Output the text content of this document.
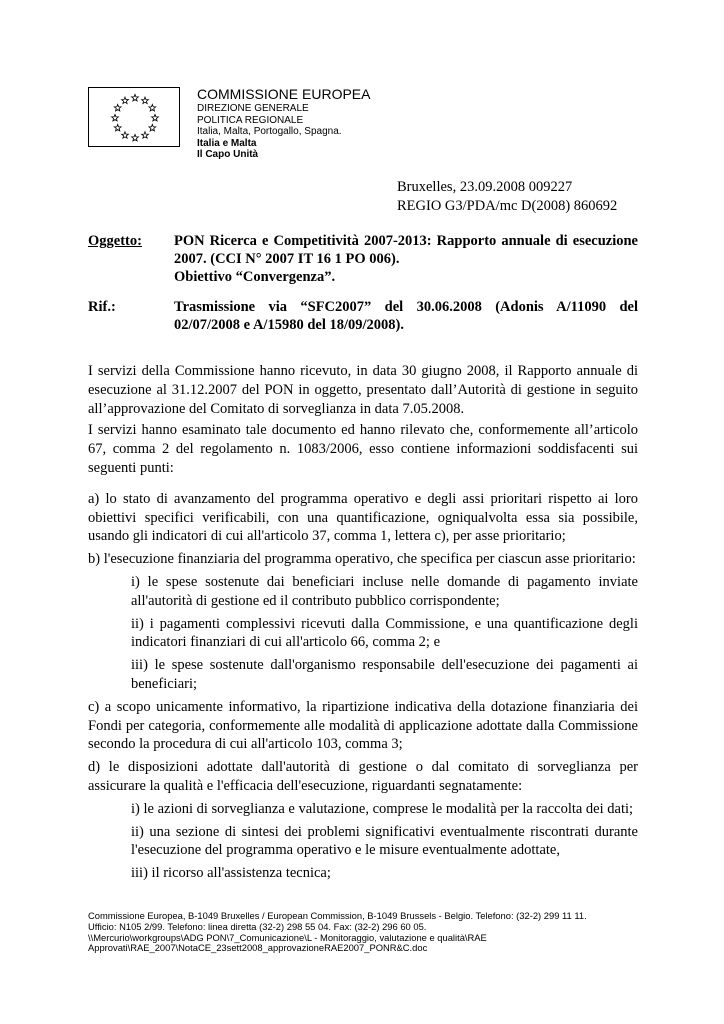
COMMISSIONE EUROPEA
DIREZIONE GENERALE
POLITICA REGIONALE
Italia, Malta, Portogallo, Spagna.
Italia e Malta
Il Capo Unità
Bruxelles, 23.09.2008 009227
REGIO G3/PDA/mc D(2008) 860692
Oggetto: PON Ricerca e Competitività 2007-2013: Rapporto annuale di esecuzione
2007. (CCI N° 2007 IT 16 1 PO 006).
Obiettivo “Convergenza”.
Rif.:	Trasmissione via “SFC2007” del 30.06.2008 (Adonis A/11090 del
02/07/2008 e A/15980 del 18/09/2008).
I servizi della Commissione hanno ricevuto, in data 30 giugno 2008, il Rapporto annuale di
esecuzione al 31.12.2007 del PON in oggetto, presentato dall’Autorità di gestione in seguito
all’approvazione del Comitato di sorveglianza in data 7.05.2008.
I servizi hanno esaminato tale documento ed hanno rilevato che, conformemente all’articolo
67, comma 2 del regolamento n. 1083/2006, esso contiene informazioni soddisfacenti sui
seguenti punti:
a) lo stato di avanzamento del programma operativo e degli assi prioritari rispetto ai loro
obiettivi specifici verificabili, con una quantificazione, ogniqualvolta essa sia possibile,
usando gli indicatori di cui all'articolo 37, comma 1, lettera c), per asse prioritario;
b) l'esecuzione finanziaria del programma operativo, che specifica per ciascun asse prioritario:
i) le spese sostenute dai beneficiari incluse nelle domande di pagamento inviate
all'autorità di gestione ed il contributo pubblico corrispondente;
ii) i pagamenti complessivi ricevuti dalla Commissione, e una quantificazione degli
indicatori finanziari di cui all'articolo 66, comma 2; e
iii) le spese sostenute dall'organismo responsabile dell'esecuzione dei pagamenti ai
beneficiari;
c) a scopo unicamente informativo, la ripartizione indicativa della dotazione finanziaria dei
Fondi per categoria, conformemente alle modalità di applicazione adottate dalla Commissione
secondo la procedura di cui all'articolo 103, comma 3;
d) le disposizioni adottate dall'autorità di gestione o dal comitato di sorveglianza per
assicurare la qualità e l'efficacia dell'esecuzione, riguardanti segnatamente:
i) le azioni di sorveglianza e valutazione, comprese le modalità per la raccolta dei dati;
ii) una sezione di sintesi dei problemi significativi eventualmente riscontrati durante
l'esecuzione del programma operativo e le misure eventualmente adottate,
iii) il ricorso all'assistenza tecnica;
Commissione Europea, B-1049 Bruxelles / European Commission, B-1049 Brussels - Belgio. Telefono: (32-2) 299 11 11.
Ufficio: N105 2/99. Telefono: linea diretta (32-2) 298 55 04. Fax: (32-2) 296 60 05.
\\Mercurio\workgroups\ADG PON\7_Comunicazione\L - Monitoraggio, valutazione e qualità\RAE
Approvati\RAE_2007\NotaCE_23sett2008_approvazioneRAE2007_PONR&C.doc
